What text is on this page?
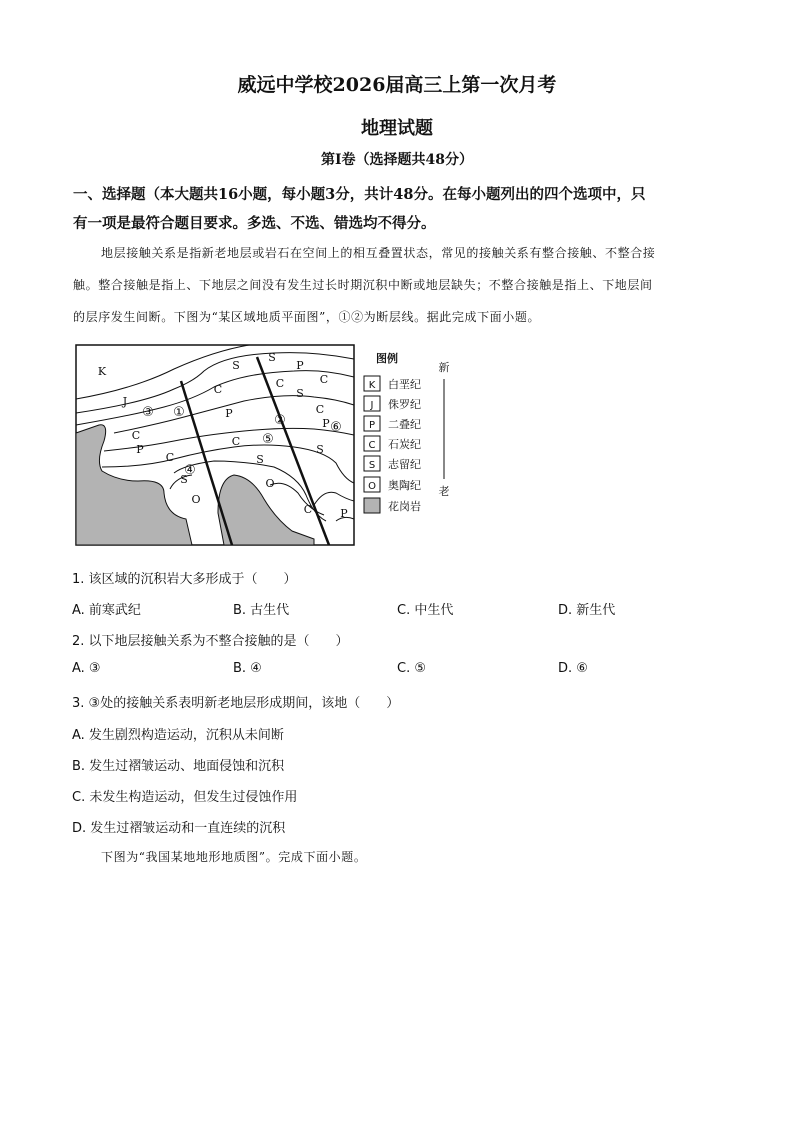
威远中学校2026届高三上第一次月考
地理试题
第I卷（选择题共48分）
一、选择题（本大题共16小题，每小题3分，共计48分。在每小题列出的四个选项中，只
有一项是最符合题目要求。多选、不选、错选均不得分。
地层接触关系是指新老地层或岩石在空间上的相互叠置状态，常见的接触关系有整合接触、不整合接
触。整合接触是指上、下地层之间没有发生过长时期沉积中断或地层缺失；不整合接触是指上、下地层间
的层序发生间断。下图为“某区域地质平面图”，①②为断层线。据此完成下面小题。
K
J
C
P
C
S
O
S
S
C
P
C
P
C
S
S
O
C
S
C
P
C	P
③ ①
②
⑤
④
⑥
图例
K 白垩纪
J 侏罗纪
P 二叠纪
C 石炭纪
S 志留纪
O 奥陶纪
花岗岩
新
老
1. 该区域的沉积岩大多形成于（　　）
A. 前寒武纪	B. 古生代	C. 中生代	D. 新生代
2. 以下地层接触关系为不整合接触的是（　　）
A. ③	B. ④	C. ⑤	D. ⑥
3. ③处的接触关系表明新老地层形成期间，该地（　　）
A. 发生剧烈构造运动，沉积从未间断
B. 发生过褶皱运动、地面侵蚀和沉积
C. 未发生构造运动，但发生过侵蚀作用
D. 发生过褶皱运动和一直连续的沉积
下图为“我国某地地形地质图”。完成下面小题。
